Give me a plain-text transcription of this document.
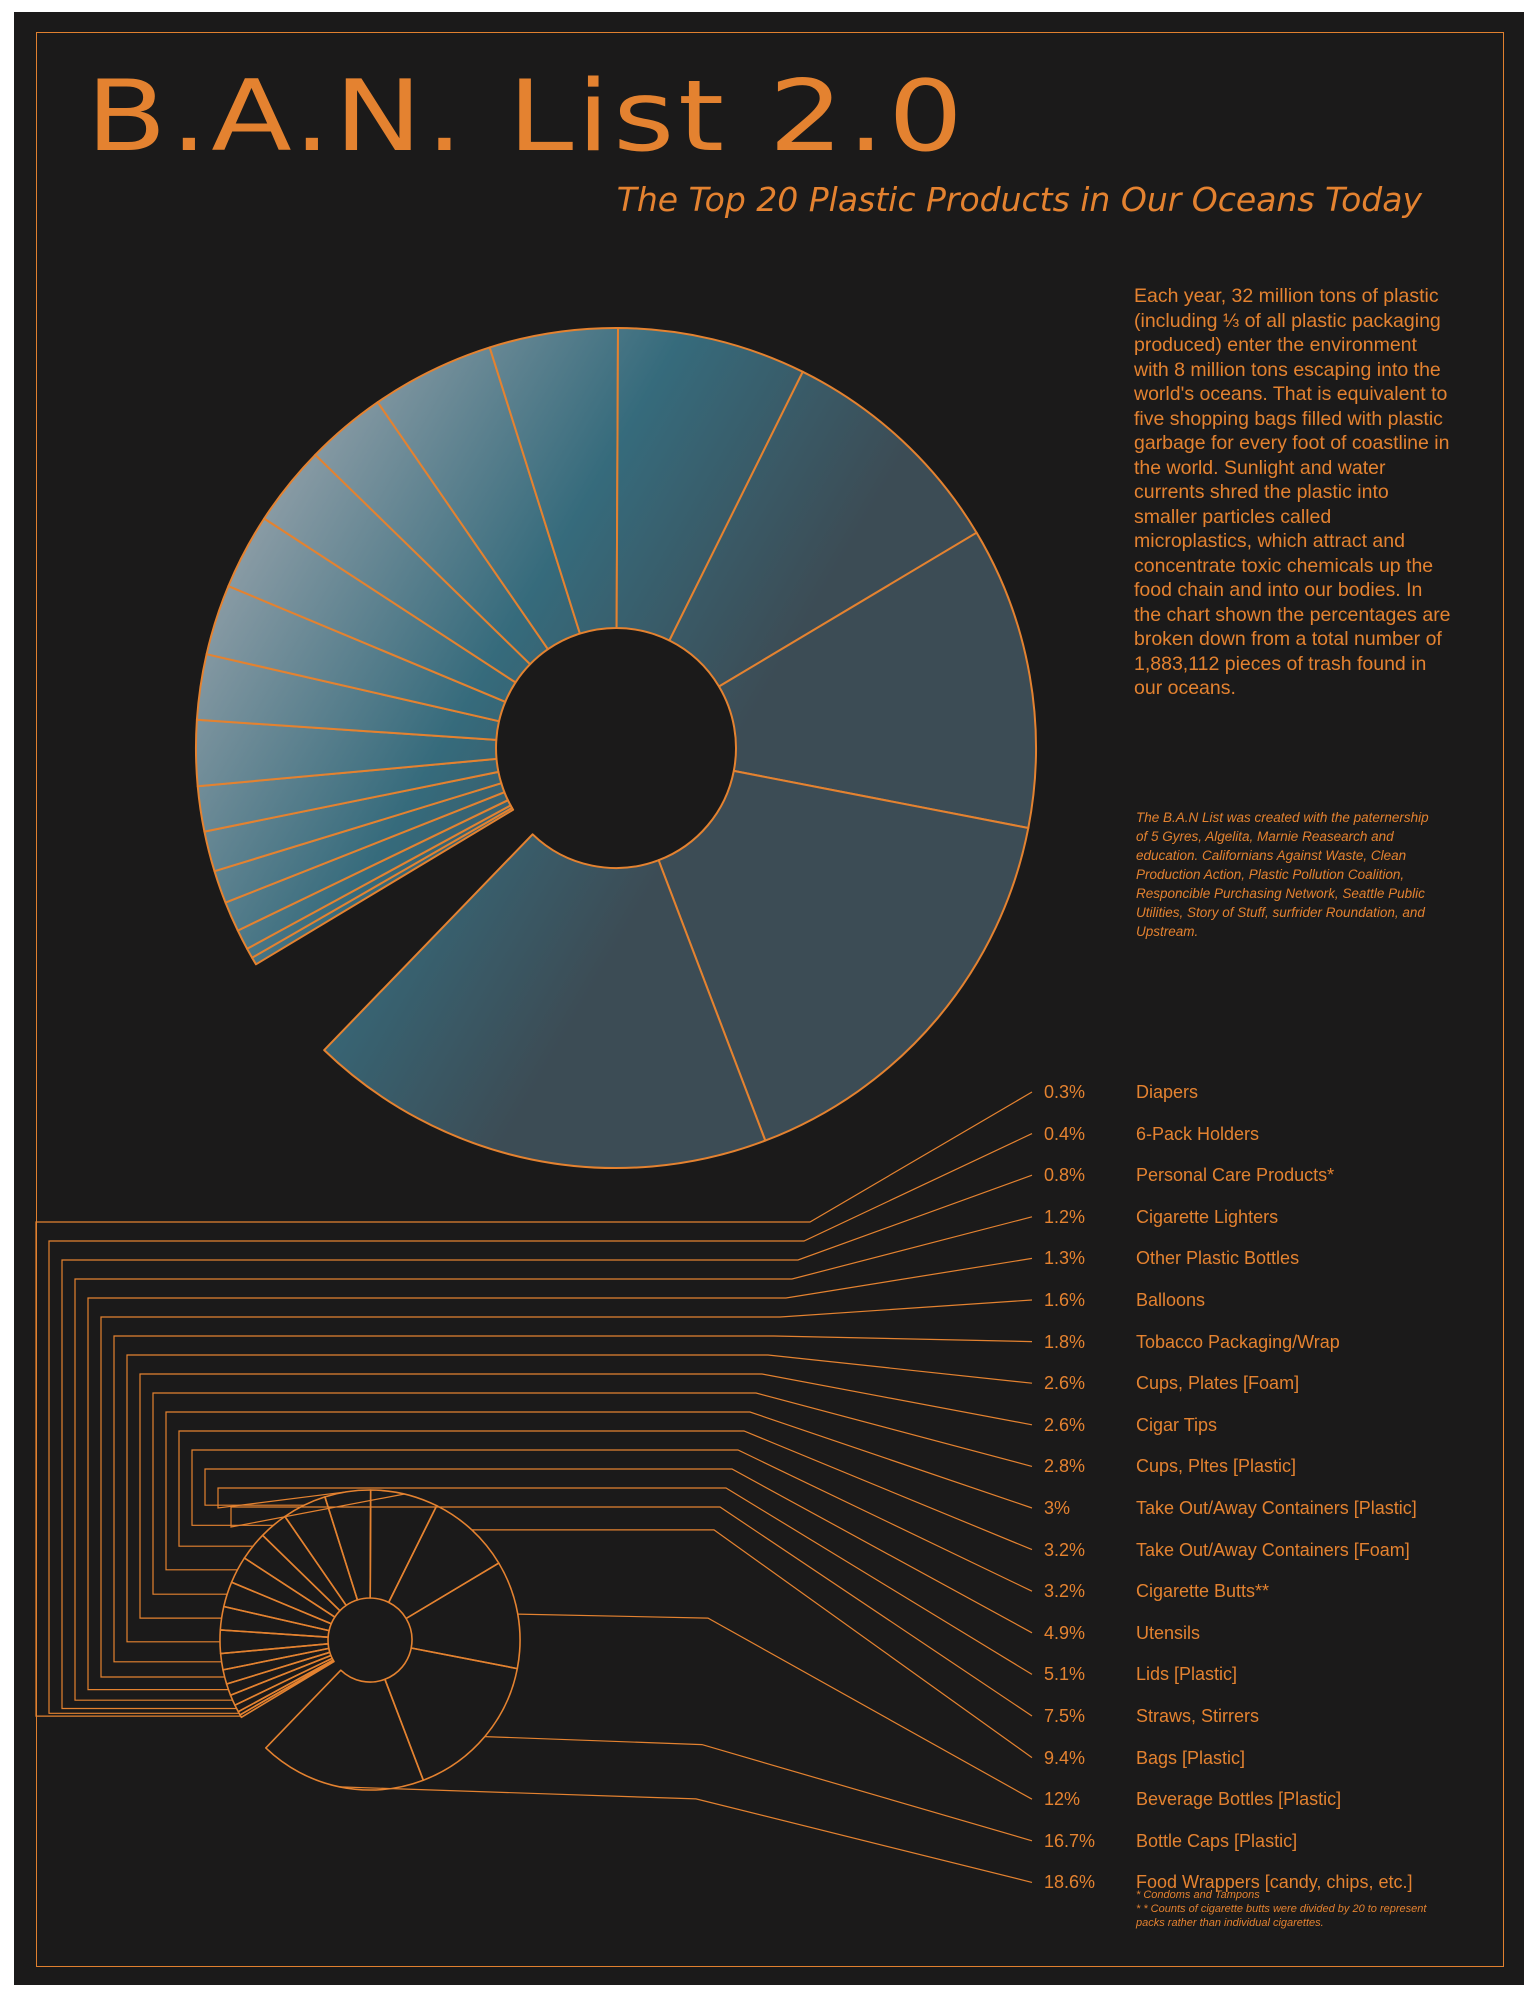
B.A.N. List 2.0
The Top 20 Plastic Products in Our Oceans Today

Each year, 32 million tons of plastic (including ⅓ of all plastic packaging produced) enter the environment with 8 million tons escaping into the world's oceans. That is equivalent to five shopping bags filled with plastic garbage for every foot of coastline in the world. Sunlight and water currents shred the plastic into smaller particles called microplastics, which attract and concentrate toxic chemicals up the food chain and into our bodies. In the chart shown the percentages are broken down from a total number of 1,883,112 pieces of trash found in our oceans.

The B.A.N List was created with the paternership of 5 Gyres, Algelita, Marnie Reasearch and education. Californians Against Waste, Clean Production Action, Plastic Pollution Coalition, Responcible Purchasing Network, Seattle Public Utilities, Story of Stuff, surfrider Roundation, and Upstream.

0.3%	Diapers
0.4%	6-Pack Holders
0.8%	Personal Care Products*
1.2%	Cigarette Lighters
1.3%	Other Plastic Bottles
1.6%	Balloons
1.8%	Tobacco Packaging/Wrap
2.6%	Cups, Plates [Foam]
2.6%	Cigar Tips
2.8%	Cups, Pltes [Plastic]
3%	Take Out/Away Containers [Plastic]
3.2%	Take Out/Away Containers [Foam]
3.2%	Cigarette Butts**
4.9%	Utensils
5.1%	Lids [Plastic]
7.5%	Straws, Stirrers
9.4%	Bags [Plastic]
12%	Beverage Bottles [Plastic]
16.7% Bottle Caps [Plastic]
18.6% Food Wrappers [candy, chips, etc.]

* Condoms and Tampons

* * Counts of cigarette butts were divided by 20 to represent packs rather than individual cigarettes.
